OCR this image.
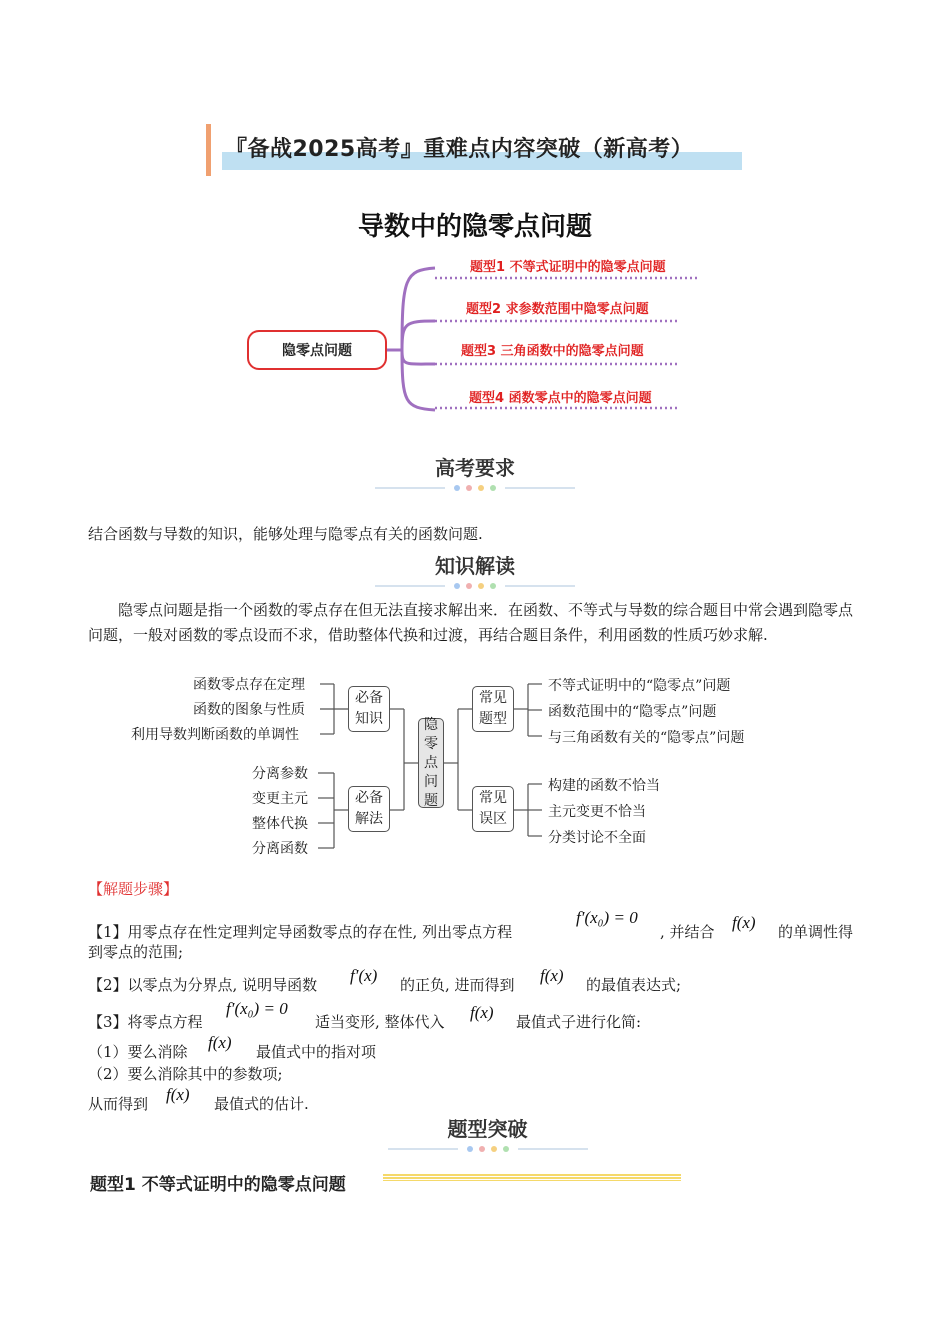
『备战2025高考』重难点内容突破（新高考）
导数中的隐零点问题
隐零点问题
题型1 不等式证明中的隐零点问题
题型2 求参数范围中隐零点问题
题型3 三角函数中的隐零点问题
题型4 函数零点中的隐零点问题
高考要求
结合函数与导数的知识，能够处理与隐零点有关的函数问题.
知识解读
隐零点问题是指一个函数的零点存在但无法直接求解出来．在函数、不等式与导数的综合题目中常会遇到隐零点问题，一般对函数的零点设而不求，借助整体代换和过渡，再结合题目条件，利用函数的性质巧妙求解.
函数零点存在定理
函数的图象与性质
利用导数判断函数的单调性
分离参数
变更主元
整体代换
分离函数
必备知识
必备解法
隐零点问题
常见题型
常见误区
不等式证明中的“隐零点”问题
函数范围中的“隐零点”问题
与三角函数有关的“隐零点”问题
构建的函数不恰当
主元变更不恰当
分类讨论不全面
【解题步骤】
【1】用零点存在性定理判定导函数零点的存在性, 列出零点方程
f′(x₀) = 0
, 并结合 f(x) 的单调性得
到零点的范围;
【2】以零点为分界点, 说明导函数 f′(x) 的正负, 进而得到 f(x) 的最值表达式;
【3】将零点方程
f′(x₀) = 0
适当变形, 整体代入 f(x) 最值式子进行化简:
（1）要么消除 f(x) 最值式中的指对项
（2）要么消除其中的参数项;
从而得到 f(x) 最值式的估计.
题型突破
题型1 不等式证明中的隐零点问题
